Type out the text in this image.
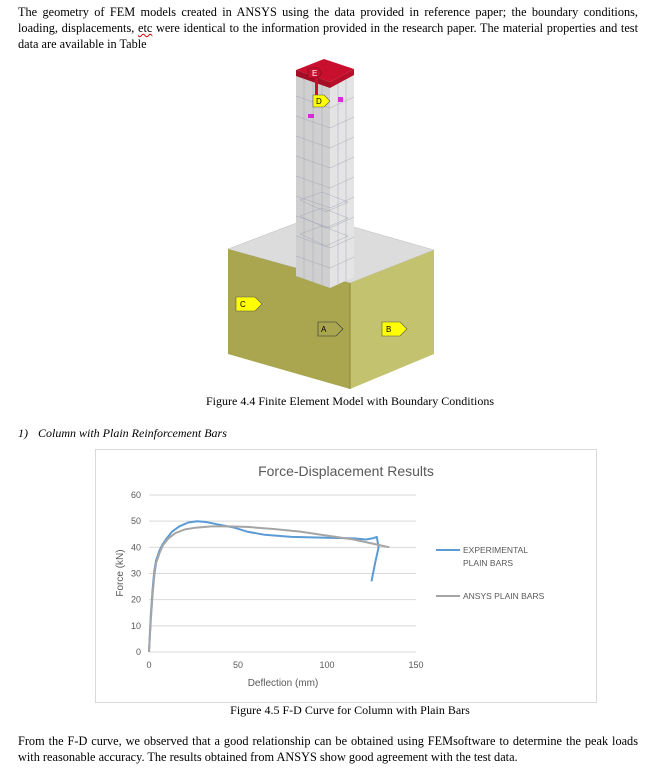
The geometry of FEM models created in ANSYS using the data provided in reference paper; the boundary conditions, loading, displacements, etc were identical to the information provided in the research paper. The material properties and test data are available in Table
E
D
C
A	B
Figure 4.4 Finite Element Model with Boundary Conditions
1) Column with Plain Reinforcement Bars
Force-Displacement Results
0
10
20
30
40
50
60
0	50	100	150
EXPERIMENTAL PLAIN BARS
ANSYS PLAIN BARS
Deflection (mm)
Force (kN)
Figure 4.5 F-D Curve for Column with Plain Bars
From the F-D curve, we observed that a good relationship can be obtained using FEMsoftware to determine the peak loads with reasonable accuracy. The results obtained from ANSYS show good agreement with the test data.
